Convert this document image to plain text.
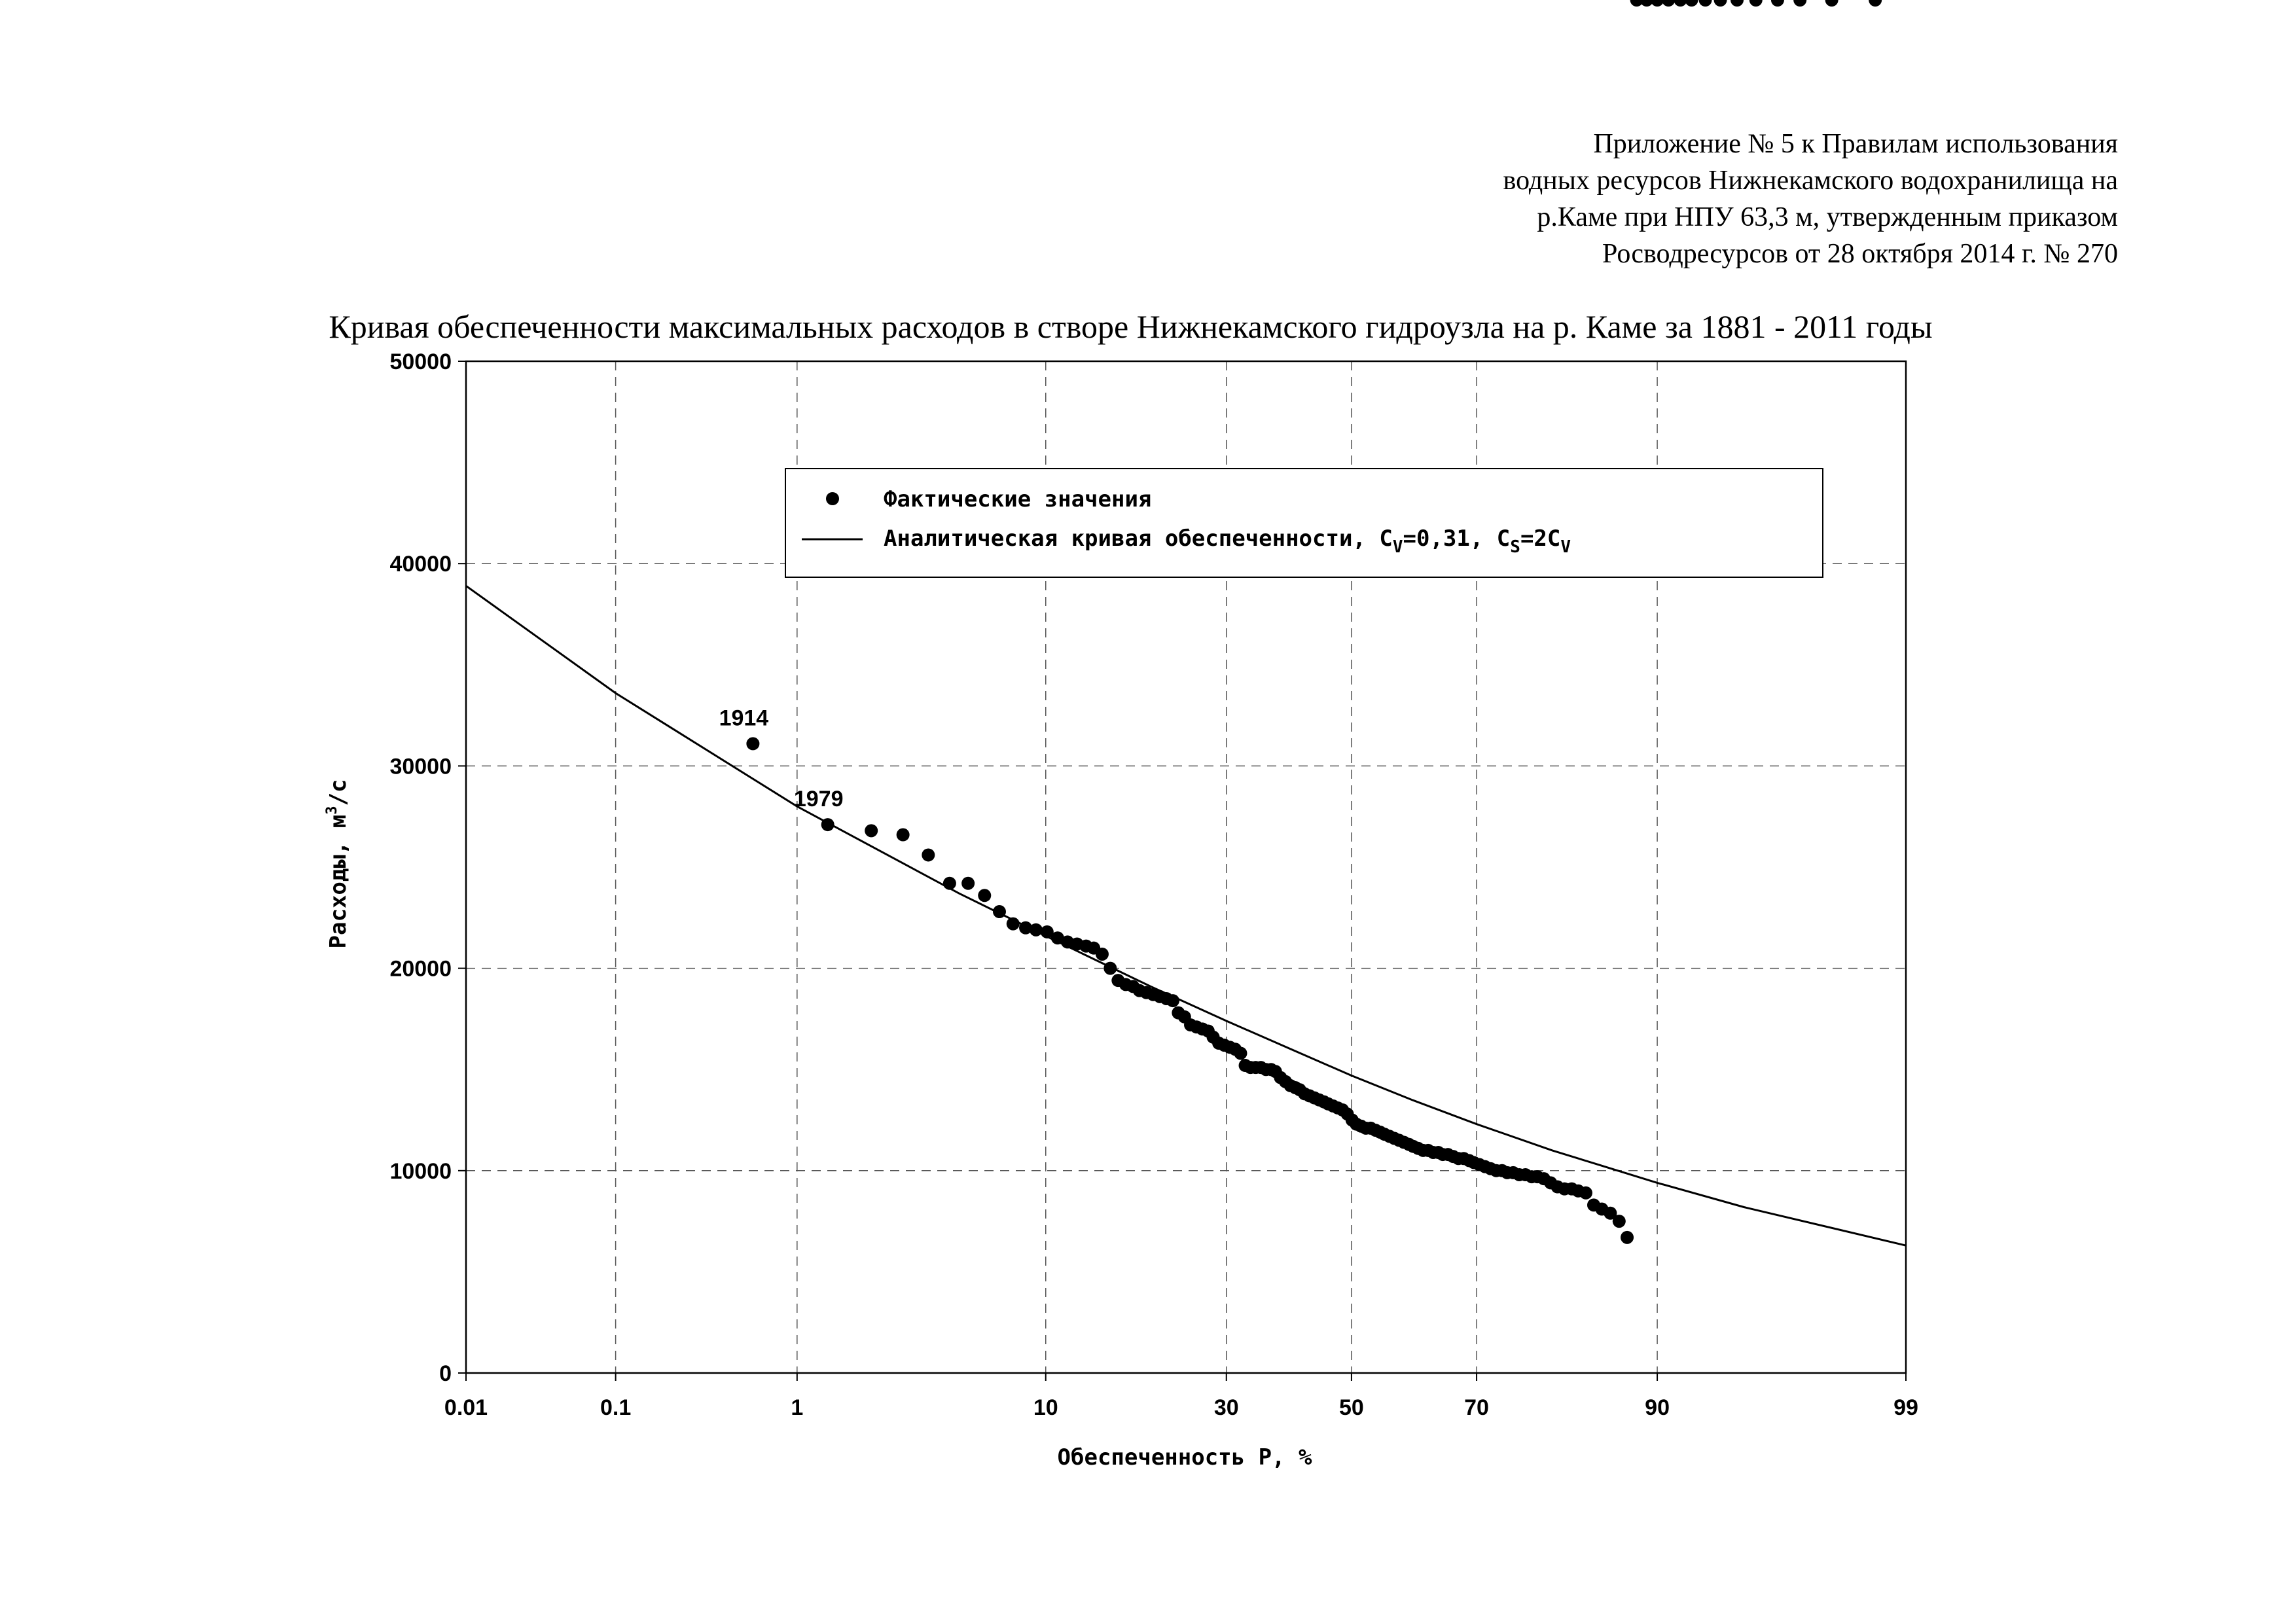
Приложение № 5 к Правилам использования
водных ресурсов Нижнекамского водохранилища на
р.Каме при НПУ 63,3 м, утвержденным приказом
Росводресурсов от 28 октября 2014 г. № 270
Кривая обеспеченности максимальных расходов в створе Нижнекамского гидроузла на р. Каме за 1881 - 2011 годы
0.01	0.1	1	10	30	50	70	90	99
0
10000
20000
30000
40000
50000
1914
1979
Обеспеченность P, %
Расходы, $м^3/с$
Фактические значения
Аналитическая кривая обеспеченности, $C_V=0,31$, $C_S=2C_V$
